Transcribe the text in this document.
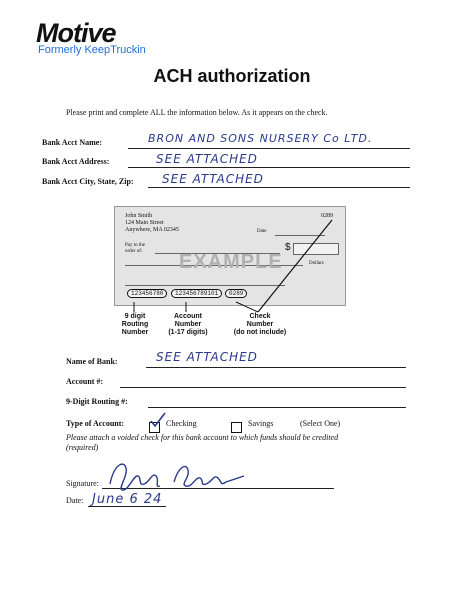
Motive
Formerly KeepTruckin
ACH authorization
Please print and complete ALL the information below. As it appears on the check.
Bank Acct Name:	BRON AND SONS NURSERY Co LTD.
Bank Acct Address:	SEE ATTACHED
Bank Acct City, State, Zip: SEE ATTACHED
John Smith
124 Main Street
Anywhere, MA 02345
0289
Date
Pay to the order of:	$
Dollars
EXAMPLE
123456780	123456789101	0289
9 digit
Routing
Number
Account
Number
(1-17 digits)
Check
Number
(do not include)
Name of Bank:	SEE ATTACHED
Account #:
9-Digit Routing #:
Type of Account:	Checking	Savings	(Select One)
Please attach a voided check for this bank account to which funds should be credited (required)
Signature:
Date: June 6 24
